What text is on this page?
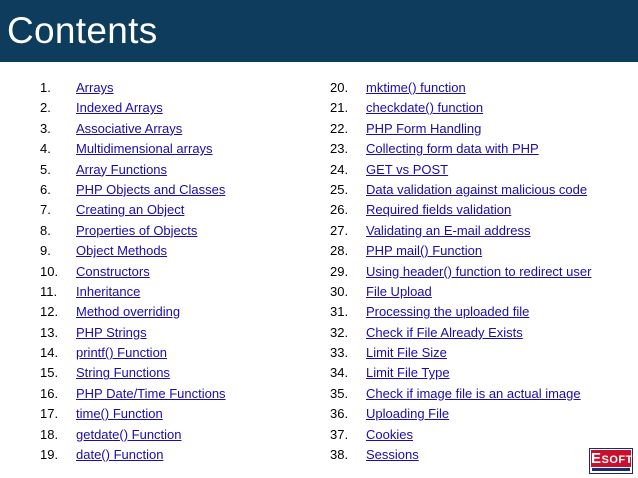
Contents
1. Arrays
2. Indexed Arrays
3. Associative Arrays
4. Multidimensional arrays
5. Array Functions
6. PHP Objects and Classes
7. Creating an Object
8. Properties of Objects
9. Object Methods
10. Constructors
11. Inheritance
12. Method overriding
13. PHP Strings
14. printf() Function
15. String Functions
16. PHP Date/Time Functions
17. time() Function
18. getdate() Function
19. date() Function
20. mktime() function
21. checkdate() function
22. PHP Form Handling
23. Collecting form data with PHP
24. GET vs POST
25. Data validation against malicious code
26. Required fields validation
27. Validating an E-mail address
28. PHP mail() Function
29. Using header() function to redirect user
30. File Upload
31. Processing the uploaded file
32. Check if File Already Exists
33. Limit File Size
34. Limit File Type
35. Check if image file is an actual image
36. Uploading File
37. Cookies
38. Sessions	ESOFT
